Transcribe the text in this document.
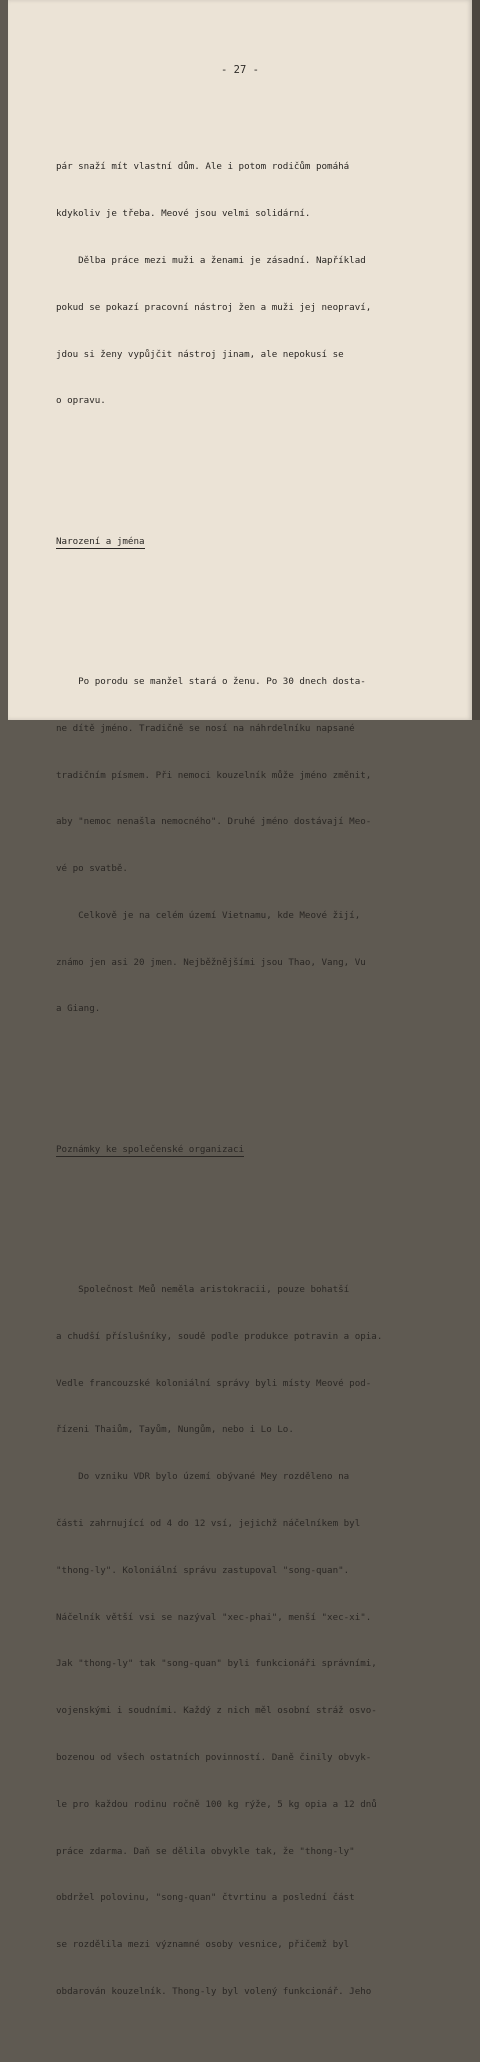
- 27 -

pár snaží mít vlastní dům. Ale i potom rodičům pomáhá

kdykoliv je třeba. Meové jsou velmi solidární.

Dělba práce mezi muži a ženami je zásadní. Například

pokud se pokazí pracovní nástroj žen a muži jej neopraví,

jdou si ženy vypůjčit nástroj jinam, ale nepokusí se

o opravu.

Narození a jména

Po porodu se manžel stará o ženu. Po 30 dnech dosta-

ne dítě jméno. Tradičně se nosí na náhrdelníku napsané

tradičním písmem. Při nemoci kouzelník může jméno změnit,

aby "nemoc nenašla nemocného". Druhé jméno dostávají Meo-

vé po svatbě.

Celkově je na celém území Vietnamu, kde Meové žijí,

známo jen asi 20 jmen. Nejběžnějšími jsou Thao, Vang, Vu

a Giang.

Poznámky ke společenské organizaci

Společnost Meů neměla aristokracii, pouze bohatší

a chudší příslušníky, soudě podle produkce potravin a opia.

Vedle francouzské koloniální správy byli místy Meové pod-

řízeni Thaiům, Tayům, Nungům, nebo i Lo Lo.

Do vzniku VDR bylo území obývané Mey rozděleno na

části zahrnující od 4 do 12 vsí, jejichž náčelníkem byl

"thong-ly". Koloniální správu zastupoval "song-quan".

Náčelník větší vsi se nazýval "xec-phai", menší "xec-xi".

Jak "thong-ly" tak "song-quan" byli funkcionáři správními,

vojenskými i soudními. Každý z nich měl osobní stráž osvo-

bozenou od všech ostatních povinností. Daně činily obvyk-

le pro každou rodinu ročně 100 kg rýže, 5 kg opia a 12 dnů

práce zdarma. Daň se dělila obvykle tak, že "thong-ly"

obdržel polovinu, "song-quan" čtvrtinu a poslední část

se rozdělila mezi významné osoby vesnice, přičemž byl

obdarován kouzelník. Thong-ly byl volený funkcionář. Jeho
